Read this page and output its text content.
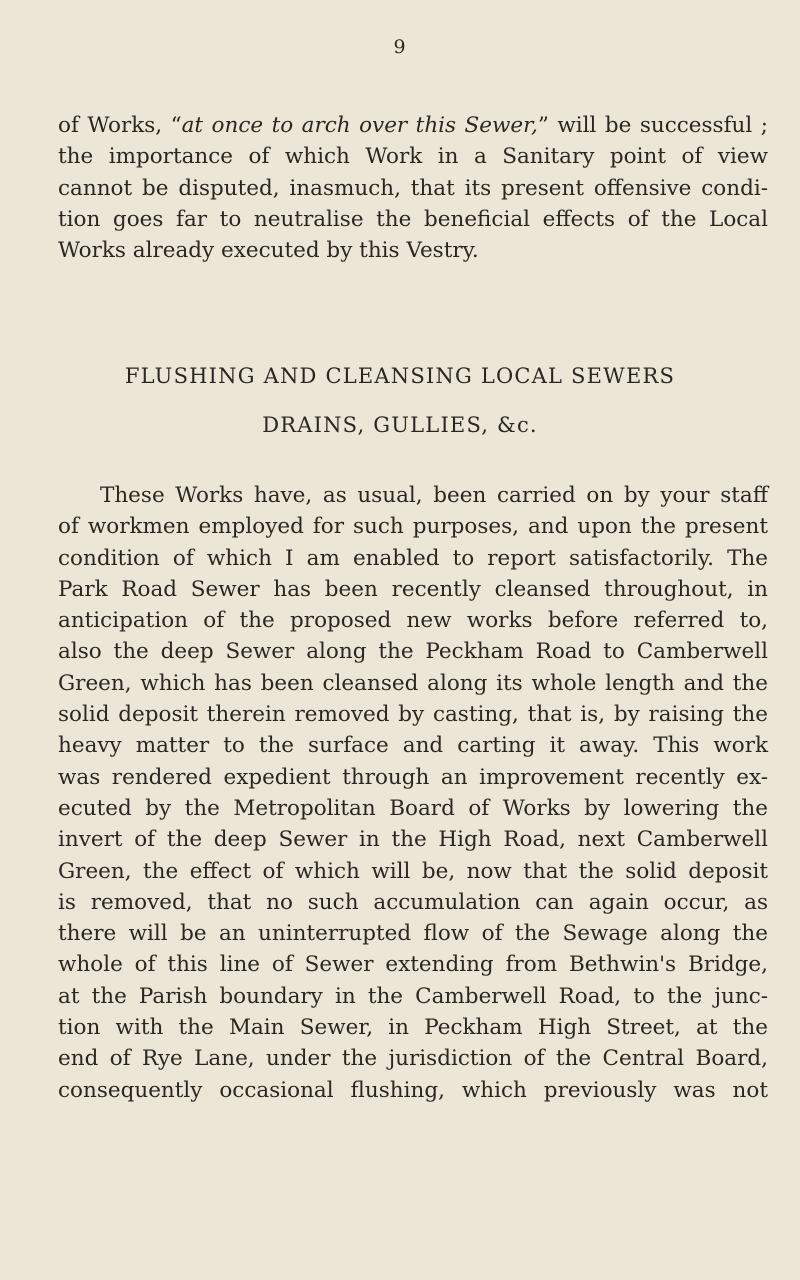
9
of Works, “at once to arch over this Sewer,” will be successful ;
the importance of which Work in a Sanitary point of view
cannot be disputed, inasmuch, that its present offensive condi-
tion goes far to neutralise the beneficial effects of the Local
Works already executed by this Vestry.
FLUSHING AND CLEANSING LOCAL SEWERS
DRAINS, GULLIES, &c.
These Works have, as usual, been carried on by your staff
of workmen employed for such purposes, and upon the present
condition of which I am enabled to report satisfactorily. The
Park Road Sewer has been recently cleansed throughout, in
anticipation of the proposed new works before referred to,
also the deep Sewer along the Peckham Road to Camberwell
Green, which has been cleansed along its whole length and the
solid deposit therein removed by casting, that is, by raising the
heavy matter to the surface and carting it away. This work
was rendered expedient through an improvement recently ex-
ecuted by the Metropolitan Board of Works by lowering the
invert of the deep Sewer in the High Road, next Camberwell
Green, the effect of which will be, now that the solid deposit
is removed, that no such accumulation can again occur, as
there will be an uninterrupted flow of the Sewage along the
whole of this line of Sewer extending from Bethwin's Bridge,
at the Parish boundary in the Camberwell Road, to the junc-
tion with the Main Sewer, in Peckham High Street, at the
end of Rye Lane, under the jurisdiction of the Central Board,
consequently occasional flushing, which previously was not
